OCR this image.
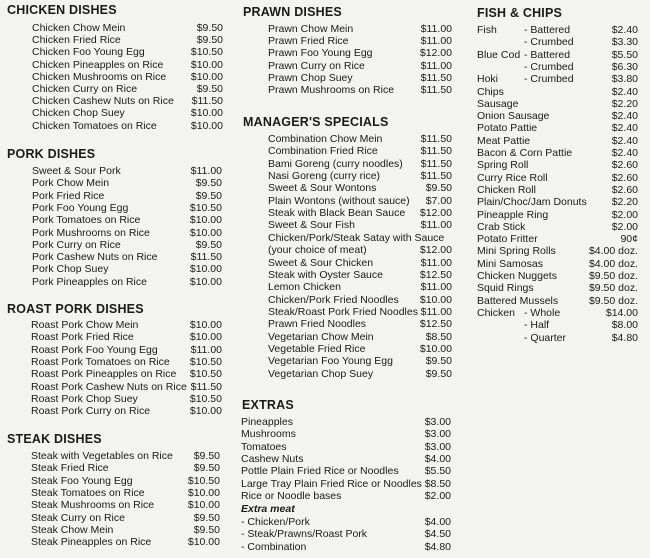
CHICKEN DISHES
Chicken Chow Mein	$9.50
Chicken Fried Rice	$9.50
Chicken Foo Young Egg	$10.50
Chicken Pineapples on Rice	$10.00
Chicken Mushrooms on Rice $10.00
Chicken Curry on Rice	$9.50
Chicken Cashew Nuts on Rice $11.50
Chicken Chop Suey	$10.00
Chicken Tomatoes on Rice	$10.00
PORK DISHES
Sweet & Sour Pork	$11.00
Pork Chow Mein	$9.50
Pork Fried Rice	$9.50
Pork Foo Young Egg	$10.50
Pork Tomatoes on Rice	$10.00
Pork Mushrooms on Rice	$10.00
Pork Curry on Rice	$9.50
Pork Cashew Nuts on Rice	$11.50
Pork Chop Suey	$10.00
Pork Pineapples on Rice	$10.00
ROAST PORK DISHES
Roast Pork Chow Mein	$10.00
Roast Pork Fried Rice	$10.00
Roast Pork Foo Young Egg	$11.00
Roast Pork Tomatoes on Rice $10.50
Roast Pork Pineapples on Rice $10.50
Roast Pork Cashew Nuts on Rice $11.50
Roast Pork Chop Suey	$10.50
Roast Pork Curry on Rice	$10.00
STEAK DISHES
Steak with Vegetables on Rice $9.50
Steak Fried Rice	$9.50
Steak Foo Young Egg	$10.50
Steak Tomatoes on Rice	$10.00
Steak Mushrooms on Rice	$10.00
Steak Curry on Rice	$9.50
Steak Chow Mein	$9.50
Steak Pineapples on Rice	$10.00
PRAWN DISHES
Prawn Chow Mein	$11.00
Prawn Fried Rice	$11.00
Prawn Foo Young Egg	$12.00
Prawn Curry on Rice	$11.00
Prawn Chop Suey	$11.50
Prawn Mushrooms on Rice	$11.50
MANAGER'S SPECIALS
Combination Chow Mein	$11.50
Combination Fried Rice	$11.50
Bami Goreng (curry noodles) $11.50
Nasi Goreng (curry rice)	$11.50
Sweet & Sour Wontons	$9.50
Plain Wontons (without sauce) $7.00
Steak with Black Bean Sauce $12.00
Sweet & Sour Fish	$11.00
Chicken/Pork/Steak Satay with Sauce
(your choice of meat)	$12.00
Sweet & Sour Chicken	$11.00
Steak with Oyster Sauce	$12.50
Lemon Chicken	$11.00
Chicken/Pork Fried Noodles $10.00
Steak/Roast Pork Fried Noodles $11.00
Prawn Fried Noodles	$12.50
Vegetarian Chow Mein	$8.50
Vegetable Fried Rice	$10.00
Vegetarian Foo Young Egg	$9.50
Vegetarian Chop Suey	$9.50
EXTRAS
Pineapples	$3.00
Mushrooms	$3.00
Tomatoes	$3.00
Cashew Nuts	$4.00
Pottle Plain Fried Rice or Noodles $5.50
Large Tray Plain Fried Rice or Noodles $8.50
Rice or Noodle bases	$2.00
Extra meat
- Chicken/Pork	$4.00
- Steak/Prawns/Roast Pork	$4.50
- Combination	$4.80
FISH & CHIPS
Fish	- Battered	$2.40
- Crumbed	$3.30
Blue Cod - Battered	$5.50
- Crumbed	$6.30
Hoki - Crumbed	$3.80
Chips	$2.40
Sausage	$2.20
Onion Sausage	$2.40
Potato Pattie	$2.40
Meat Pattie	$2.40
Bacon & Corn Pattie	$2.40
Spring Roll	$2.60
Curry Rice Roll	$2.60
Chicken Roll	$2.60
Plain/Choc/Jam Donuts $2.20
Pineapple Ring	$2.00
Crab Stick	$2.00
Potato Fritter	90¢
Mini Spring Rolls	$4.00 doz.
Mini Samosas	$4.00 doz.
Chicken Nuggets	$9.50 doz.
Squid Rings	$9.50 doz.
Battered Mussels	$9.50 doz.
Chicken - Whole	$14.00
- Half	$8.00
- Quarter	$4.80
